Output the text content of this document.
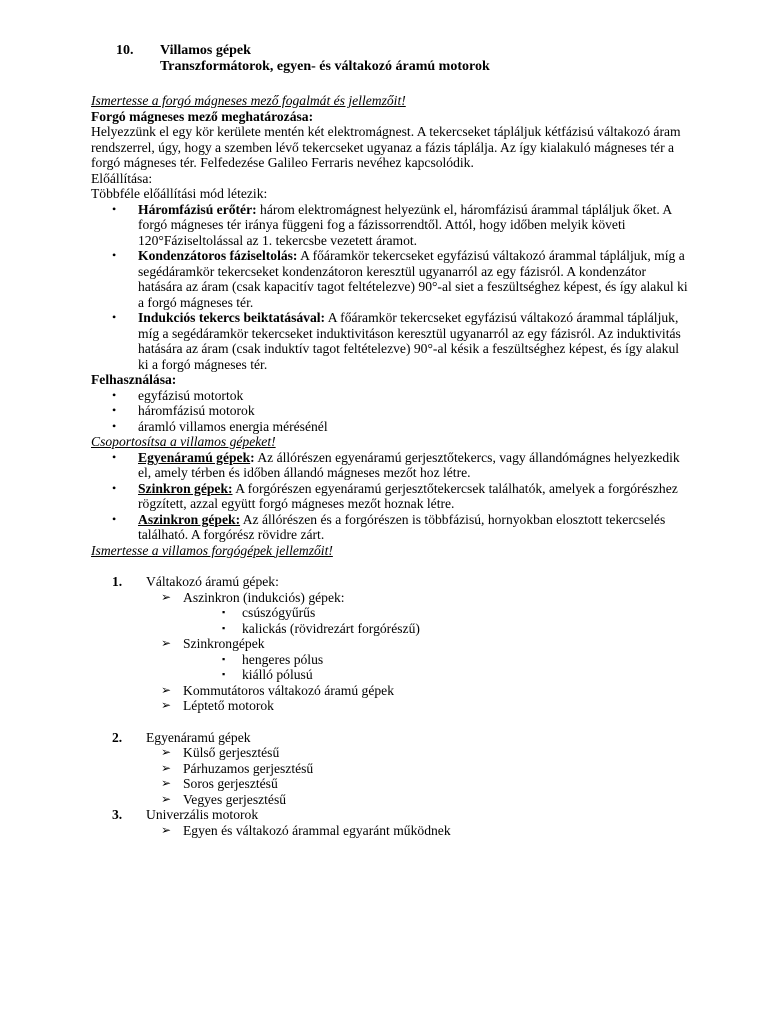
10.	Villamos gépek
Transzformátorok, egyen- és váltakozó áramú motorok

Ismertesse a forgó mágneses mező fogalmát és jellemzőit!

Forgó mágneses mező meghatározása:

Helyezzünk el egy kör kerülete mentén két elektromágnest. A tekercseket tápláljuk kétfázisú váltakozó áram rendszerrel, úgy, hogy a szemben lévő tekercseket ugyanaz a fázis táplálja. Az így kialakuló mágneses tér a forgó mágneses tér. Felfedezése Galileo Ferraris nevéhez kapcsolódik.

Előállítása:

Többféle előállítási mód létezik:

• Háromfázisú erőtér: három elektromágnest helyezünk el, háromfázisú árammal tápláljuk őket. A forgó mágneses tér iránya függeni fog a fázissorrendtől. Attól, hogy időben melyik követi 120°Fáziseltolással az 1. tekercsbe vezetett áramot.
• Kondenzátoros fáziseltolás: A főáramkör tekercseket egyfázisú váltakozó árammal tápláljuk, míg a segédáramkör tekercseket kondenzátoron keresztül ugyanarról az egy fázisról. A kondenzátor hatására az áram (csak kapacitív tagot feltételezve) 90°-al siet a feszültséghez képest, és így alakul ki a forgó mágneses tér.
• Indukciós tekercs beiktatásával: A főáramkör tekercseket egyfázisú váltakozó árammal tápláljuk, míg a segédáramkör tekercseket induktivitáson keresztül ugyanarról az egy fázisról. Az induktivitás hatására az áram (csak induktív tagot feltételezve) 90°-al késik a feszültséghez képest, és így alakul ki a forgó mágneses tér.

Felhasználása:

• egyfázisú motortok
• háromfázisú motorok
• áramló villamos energia mérésénél

Csoportosítsa a villamos gépeket!

• Egyenáramú gépek: Az állórészen egyenáramú gerjesztőtekercs, vagy állandómágnes helyezkedik el, amely térben és időben állandó mágneses mezőt hoz létre.
• Szinkron gépek: A forgórészen egyenáramú gerjesztőtekercsek találhatók, amelyek a forgórészhez rögzített, azzal együtt forgó mágneses mezőt hoznak létre.
• Aszinkron gépek: Az állórészen és a forgórészen is többfázisú, hornyokban elosztott tekercselés található. A forgórész rövidre zárt.

Ismertesse a villamos forgógépek jellemzőit!

1.	Váltakozó áramú gépek:
➢ Aszinkron (indukciós) gépek:
▪ csúszógyűrűs
▪ kalickás (rövidrezárt forgórészű)
➢ Szinkrongépek
▪ hengeres pólus
▪ kiálló pólusú
➢ Kommutátoros váltakozó áramú gépek
➢ Léptető motorok
2.	Egyenáramú gépek
➢ Külső gerjesztésű
➢ Párhuzamos gerjesztésű
➢ Soros gerjesztésű
➢ Vegyes gerjesztésű
3.	Univerzális motorok
➢ Egyen és váltakozó árammal egyaránt működnek
